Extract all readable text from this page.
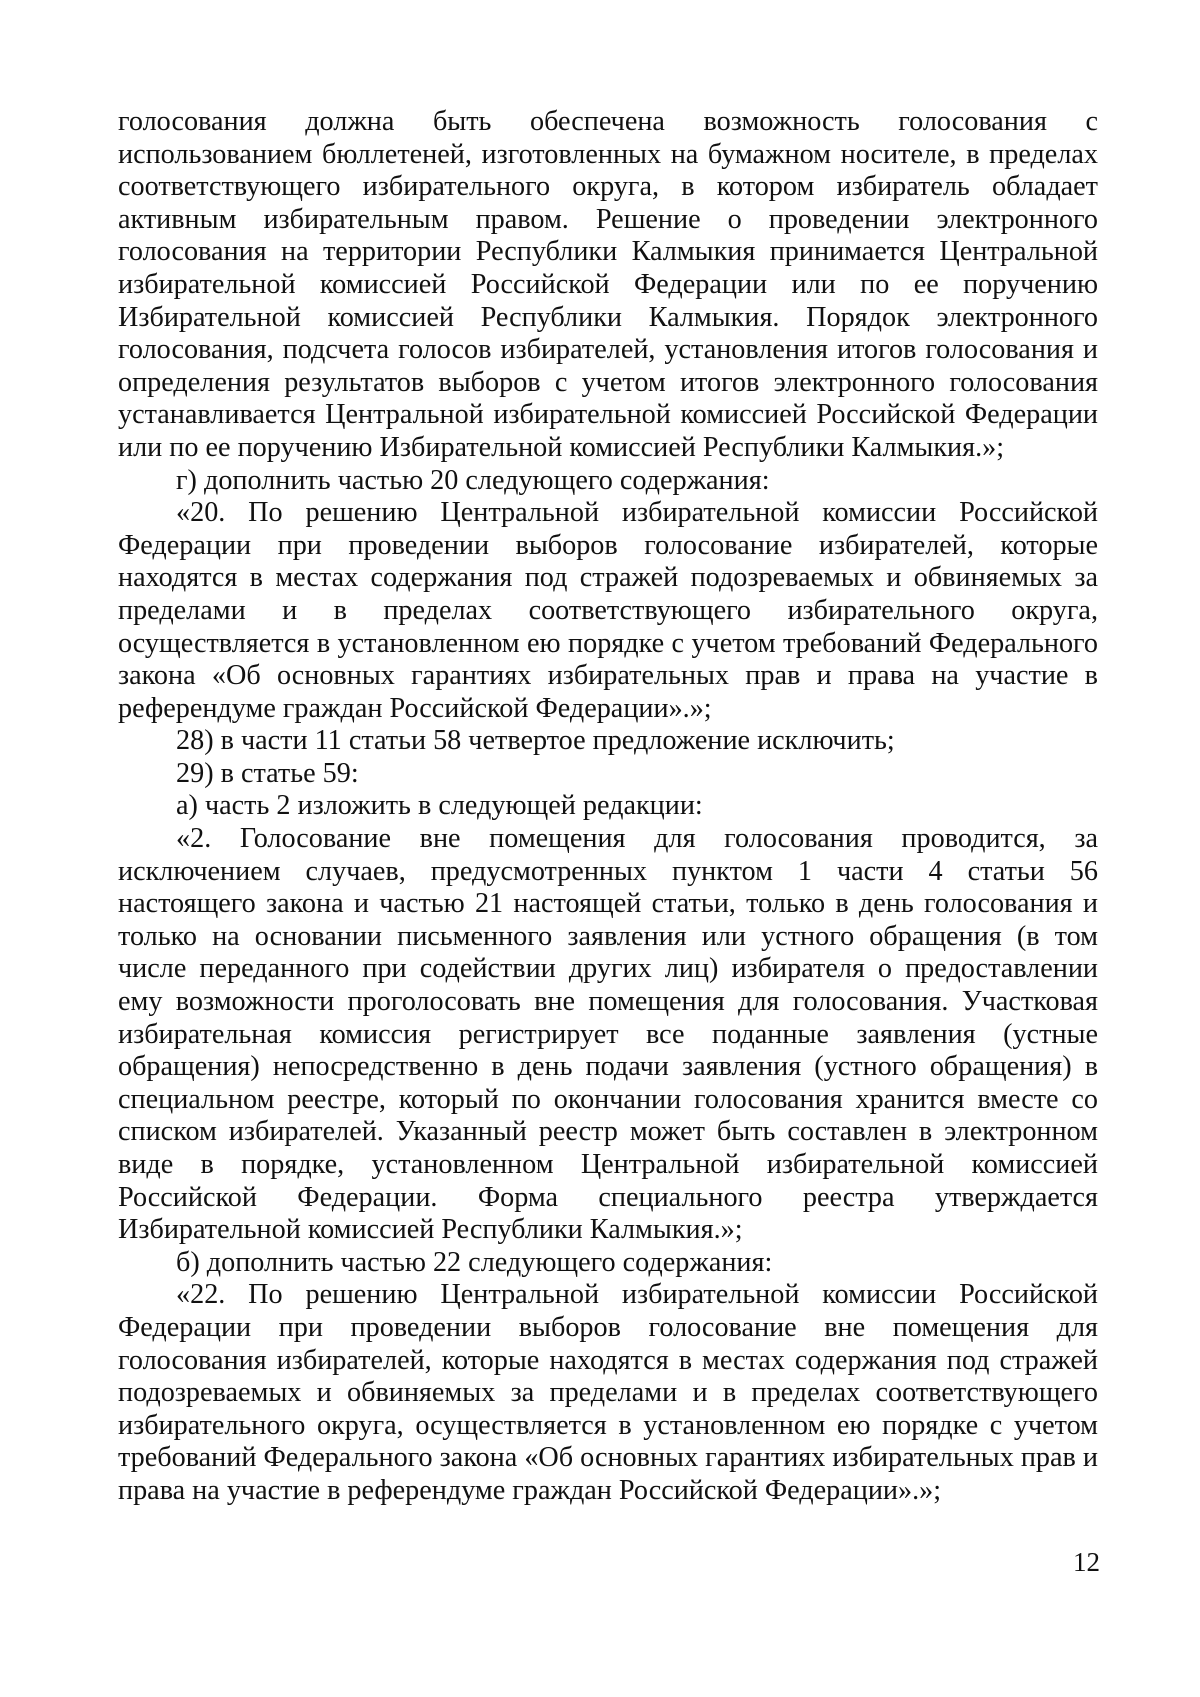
голосования должна быть обеспечена возможность голосования с использованием бюллетеней, изготовленных на бумажном носителе, в пределах соответствующего избирательного округа, в котором избиратель обладает активным избирательным правом. Решение о проведении электронного голосования на территории Республики Калмыкия принимается Центральной избирательной комиссией Российской Федерации или по ее поручению Избирательной комиссией Республики Калмыкия. Порядок электронного голосования, подсчета голосов избирателей, установления итогов голосования и определения результатов выборов с учетом итогов электронного голосования устанавливается Центральной избирательной комиссией Российской Федерации или по ее поручению Избирательной комиссией Республики Калмыкия.»;

г) дополнить частью 20 следующего содержания:

«20. По решению Центральной избирательной комиссии Российской Федерации при проведении выборов голосование избирателей, которые находятся в местах содержания под стражей подозреваемых и обвиняемых за пределами и в пределах соответствующего избирательного округа, осуществляется в установленном ею порядке с учетом требований Федерального закона «Об основных гарантиях избирательных прав и права на участие в референдуме граждан Российской Федерации».»;

28) в части 11 статьи 58 четвертое предложение исключить;

29) в статье 59:

а) часть 2 изложить в следующей редакции:

«2. Голосование вне помещения для голосования проводится, за исключением случаев, предусмотренных пунктом 1 части 4 статьи 56 настоящего закона и частью 21 настоящей статьи, только в день голосования и только на основании письменного заявления или устного обращения (в том числе переданного при содействии других лиц) избирателя о предоставлении ему возможности проголосовать вне помещения для голосования. Участковая избирательная комиссия регистрирует все поданные заявления (устные обращения) непосредственно в день подачи заявления (устного обращения) в специальном реестре, который по окончании голосования хранится вместе со списком избирателей. Указанный реестр может быть составлен в электронном виде в порядке, установленном Центральной избирательной комиссией Российской Федерации. Форма специального реестра утверждается Избирательной комиссией Республики Калмыкия.»;

б) дополнить частью 22 следующего содержания:

«22. По решению Центральной избирательной комиссии Российской Федерации при проведении выборов голосование вне помещения для голосования избирателей, которые находятся в местах содержания под стражей подозреваемых и обвиняемых за пределами и в пределах соответствующего избирательного округа, осуществляется в установленном ею порядке с учетом требований Федерального закона «Об основных гарантиях избирательных прав и права на участие в референдуме граждан Российской Федерации».»;

12
